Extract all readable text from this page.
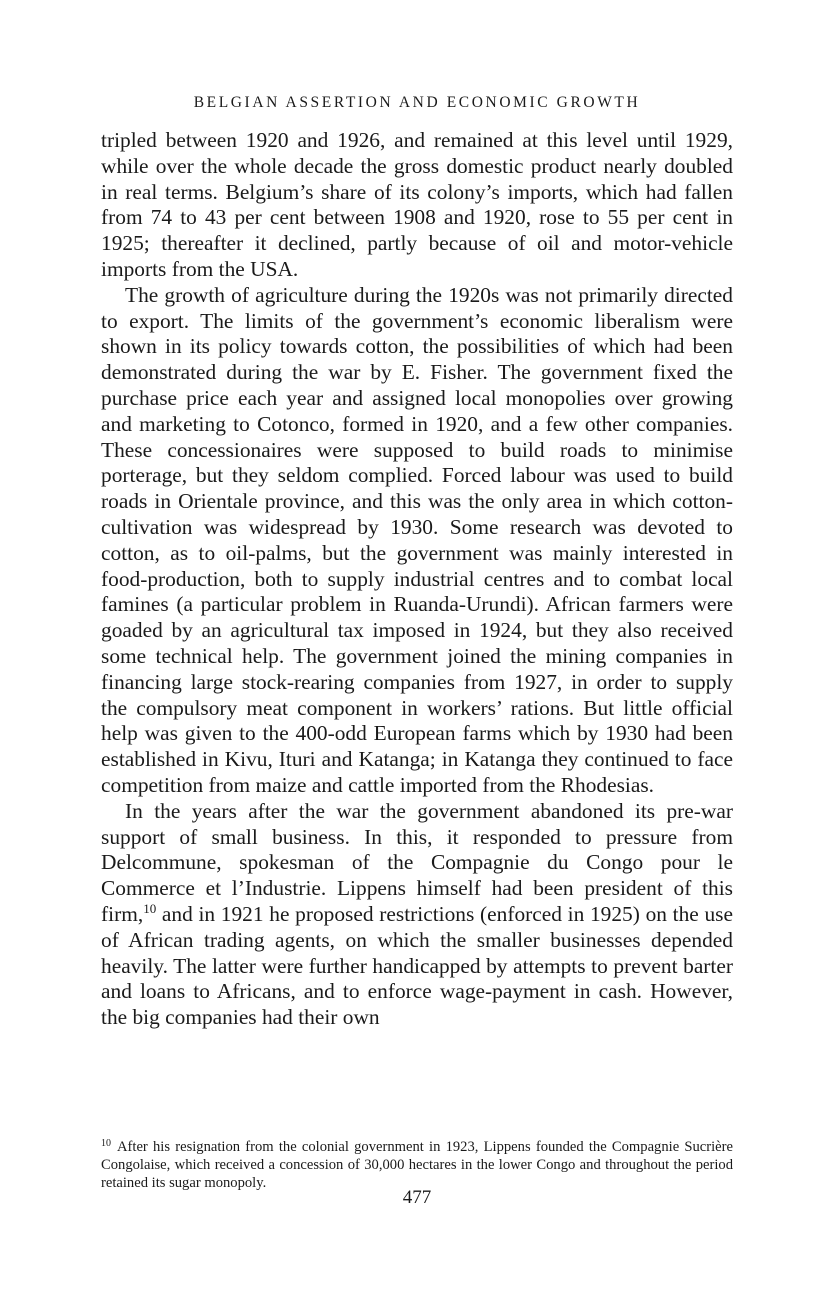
BELGIAN ASSERTION AND ECONOMIC GROWTH

tripled between 1920 and 1926, and remained at this level until 1929, while over the whole decade the gross domestic product nearly doubled in real terms. Belgium’s share of its colony’s imports, which had fallen from 74 to 43 per cent between 1908 and 1920, rose to 55 per cent in 1925; thereafter it declined, partly because of oil and motor-vehicle imports from the USA.

The growth of agriculture during the 1920s was not primarily directed to export. The limits of the government’s economic liberalism were shown in its policy towards cotton, the possibilities of which had been demonstrated during the war by E. Fisher. The government fixed the purchase price each year and assigned local monopolies over growing and marketing to Cotonco, formed in 1920, and a few other companies. These concessionaires were supposed to build roads to minimise porterage, but they seldom complied. Forced labour was used to build roads in Orientale province, and this was the only area in which cotton-cultivation was widespread by 1930. Some research was devoted to cotton, as to oil-palms, but the government was mainly interested in food-production, both to supply industrial centres and to combat local famines (a particular problem in Ruanda-Urundi). African farmers were goaded by an agricultural tax imposed in 1924, but they also received some technical help. The government joined the mining companies in financing large stock-rearing companies from 1927, in order to supply the compulsory meat component in workers’ rations. But little official help was given to the 400-odd European farms which by 1930 had been established in Kivu, Ituri and Katanga; in Katanga they continued to face competition from maize and cattle imported from the Rhodesias.

In the years after the war the government abandoned its pre-war support of small business. In this, it responded to pressure from Delcommune, spokesman of the Compagnie du Congo pour le Commerce et l’Industrie. Lippens himself had been president of this firm,$^{10}$ and in 1921 he proposed restrictions (enforced in 1925) on the use of African trading agents, on which the smaller businesses depended heavily. The latter were further handicapped by attempts to prevent barter and loans to Africans, and to enforce wage-payment in cash. However, the big companies had their own

$^{10}$ After his resignation from the colonial government in 1923, Lippens founded the Compagnie Sucrière Congolaise, which received a concession of 30,000 hectares in the lower Congo and throughout the period retained its sugar monopoly.

477
